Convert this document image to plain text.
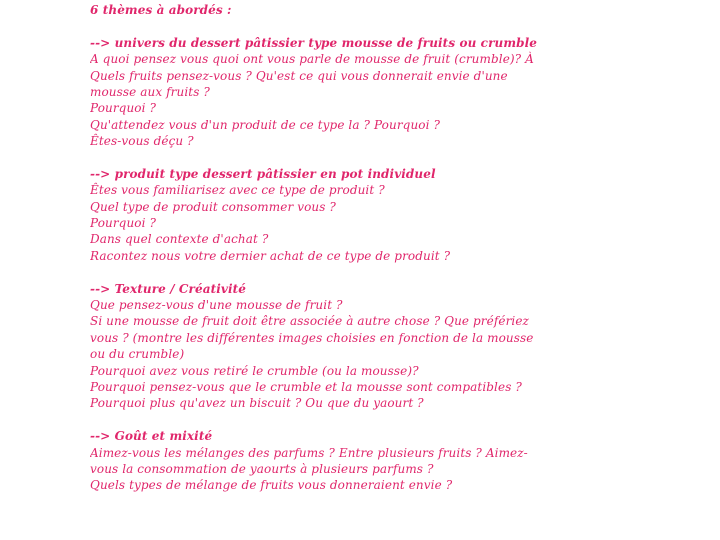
6 thèmes à abordés :
--> univers du dessert pâtissier type mousse de fruits ou crumble
A quoi pensez vous quoi ont vous parle de mousse de fruit (crumble)? À
Quels fruits pensez-vous ? Qu'est ce qui vous donnerait envie d'une
mousse aux fruits ?
Pourquoi ?
Qu'attendez vous d'un produit de ce type la ? Pourquoi ?
Êtes-vous déçu ?
--> produit type dessert pâtissier en pot individuel
Êtes vous familiarisez avec ce type de produit ?
Quel type de produit consommer vous ?
Pourquoi ?
Dans quel contexte d'achat ?
Racontez nous votre dernier achat de ce type de produit ?
--> Texture / Créativité
Que pensez-vous d'une mousse de fruit ?
Si une mousse de fruit doit être associée à autre chose ? Que préfériez
vous ? (montre les différentes images choisies en fonction de la mousse
ou du crumble)
Pourquoi avez vous retiré le crumble (ou la mousse)?
Pourquoi pensez-vous que le crumble et la mousse sont compatibles ?
Pourquoi plus qu'avez un biscuit ? Ou que du yaourt ?
--> Goût et mixité
Aimez-vous les mélanges des parfums ? Entre plusieurs fruits ? Aimez-
vous la consommation de yaourts à plusieurs parfums ?
Quels types de mélange de fruits vous donneraient envie ?
